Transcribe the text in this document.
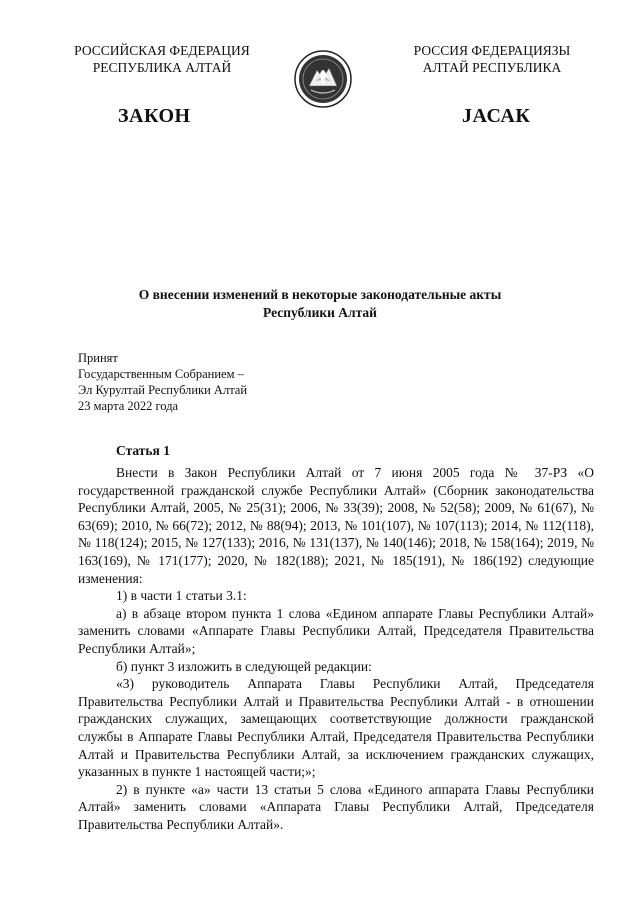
РОССИЙСКАЯ ФЕДЕРАЦИЯ
РЕСПУБЛИКА АЛТАЙ
РОССИЯ ФЕДЕРАЦИЯЗЫ
АЛТАЙ РЕСПУБЛИКА
ЗАКОН	ЈАСАК
О внесении изменений в некоторые законодательные акты
Республики Алтай
Принят
Государственным Собранием –
Эл Курултай Республики Алтай
23 марта 2022 года
Статья 1

Внести в Закон Республики Алтай от 7 июня 2005 года № 37-РЗ «О государственной гражданской службе Республики Алтай» (Сборник законодательства Республики Алтай, 2005, № 25(31); 2006, № 33(39); 2008, № 52(58); 2009, № 61(67), № 63(69); 2010, № 66(72); 2012, № 88(94); 2013, № 101(107), № 107(113); 2014, № 112(118), № 118(124); 2015, № 127(133); 2016, № 131(137), № 140(146); 2018, № 158(164); 2019, № 163(169), № 171(177); 2020, № 182(188); 2021, № 185(191), № 186(192) следующие изменения:

1) в части 1 статьи 3.1:

а) в абзаце втором пункта 1 слова «Едином аппарате Главы Республики Алтай» заменить словами «Аппарате Главы Республики Алтай, Председателя Правительства Республики Алтай»;

б) пункт 3 изложить в следующей редакции:

«3) руководитель Аппарата Главы Республики Алтай, Председателя Правительства Республики Алтай и Правительства Республики Алтай - в отношении гражданских служащих, замещающих соответствующие должности гражданской службы в Аппарате Главы Республики Алтай, Председателя Правительства Республики Алтай и Правительства Республики Алтай, за исключением гражданских служащих, указанных в пункте 1 настоящей части;»;

2) в пункте «а» части 13 статьи 5 слова «Единого аппарата Главы Республики Алтай» заменить словами «Аппарата Главы Республики Алтай, Председателя Правительства Республики Алтай».
